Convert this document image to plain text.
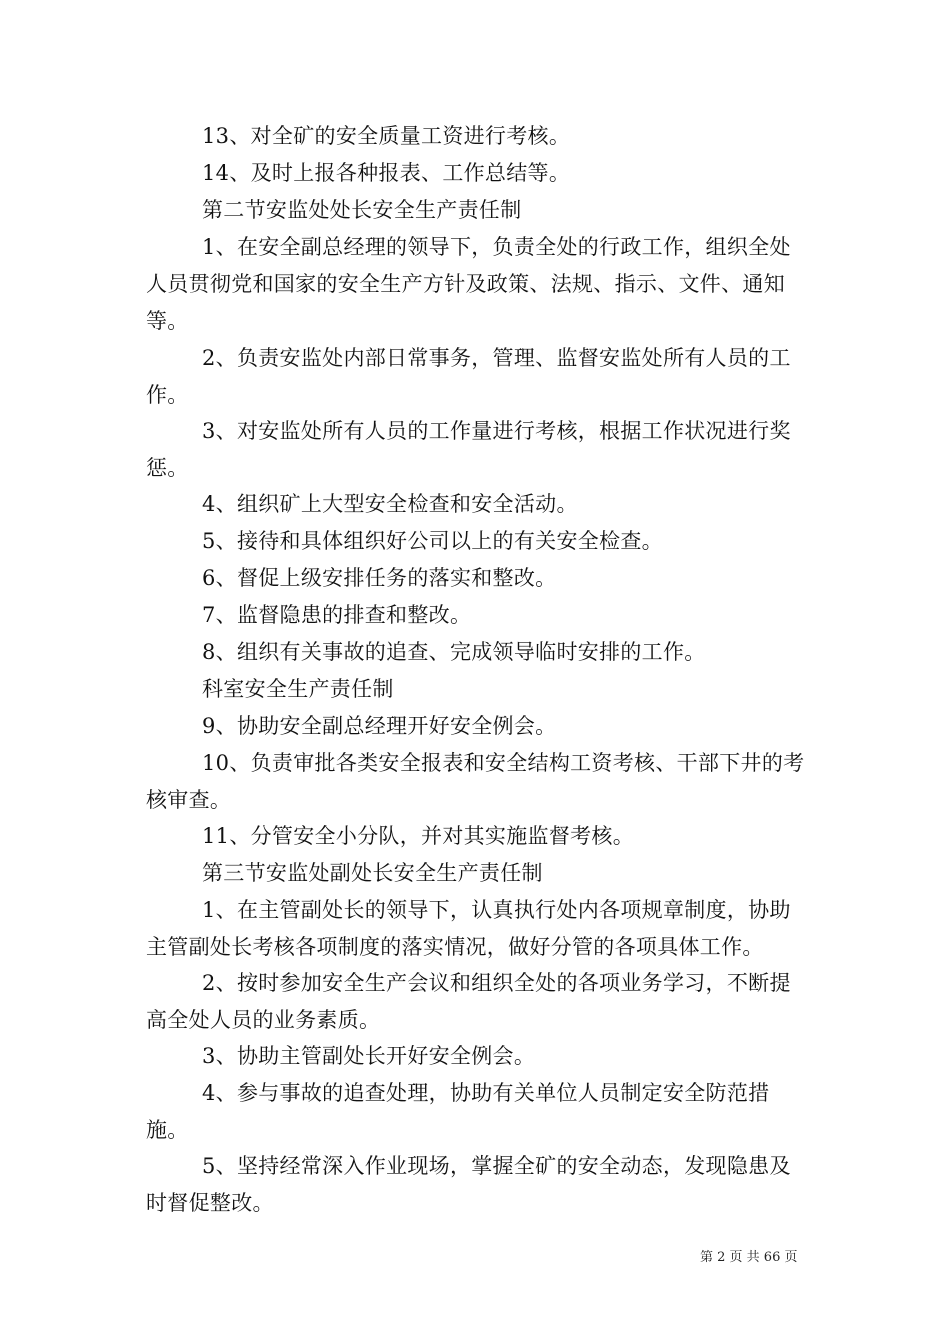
13、对全矿的安全质量工资进行考核。

14、及时上报各种报表、工作总结等。

第二节安监处处长安全生产责任制

1、在安全副总经理的领导下，负责全处的行政工作，组织全处人员贯彻党和国家的安全生产方针及政策、法规、指示、文件、通知等。

2、负责安监处内部日常事务，管理、监督安监处所有人员的工作。

3、对安监处所有人员的工作量进行考核，根据工作状况进行奖惩。

4、组织矿上大型安全检查和安全活动。

5、接待和具体组织好公司以上的有关安全检查。

6、督促上级安排任务的落实和整改。

7、监督隐患的排查和整改。

8、组织有关事故的追查、完成领导临时安排的工作。

科室安全生产责任制

9、协助安全副总经理开好安全例会。

10、负责审批各类安全报表和安全结构工资考核、干部下井的考核审查。

11、分管安全小分队，并对其实施监督考核。

第三节安监处副处长安全生产责任制

1、在主管副处长的领导下，认真执行处内各项规章制度，协助主管副处长考核各项制度的落实情况，做好分管的各项具体工作。

2、按时参加安全生产会议和组织全处的各项业务学习，不断提高全处人员的业务素质。

3、协助主管副处长开好安全例会。

4、参与事故的追查处理，协助有关单位人员制定安全防范措施。

5、坚持经常深入作业现场，掌握全矿的安全动态，发现隐患及时督促整改。

第 2 页 共 66 页
